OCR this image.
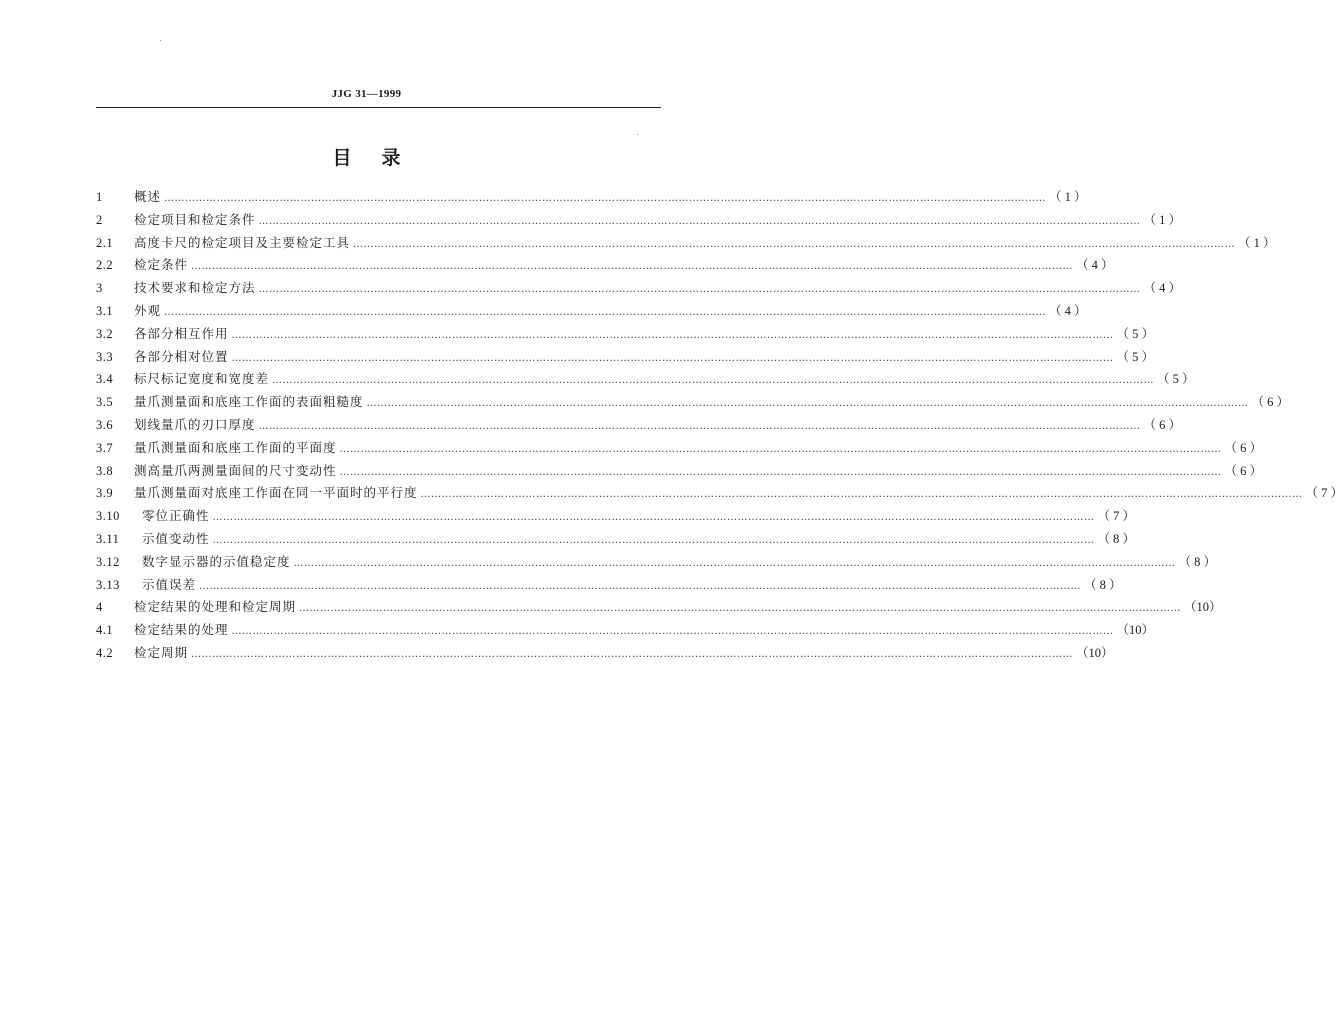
JJG 31—1999
目录
1	概述 ………………………………………………………………………………………………………………………………………………………………………………………………………………………………	（ 1 ）
2	检定项目和检定条件 ………………………………………………………………………………………………………………………………………………………………………………………………………………………………	（ 1 ）
2.1	高度卡尺的检定项目及主要检定工具 ………………………………………………………………………………………………………………………………………………………………………………………………………………………………	（ 1 ）
2.2	检定条件 ………………………………………………………………………………………………………………………………………………………………………………………………………………………………	（ 4 ）
3	技术要求和检定方法 ………………………………………………………………………………………………………………………………………………………………………………………………………………………………	（ 4 ）
3.1	外观 ………………………………………………………………………………………………………………………………………………………………………………………………………………………………	（ 4 ）
3.2	各部分相互作用 ………………………………………………………………………………………………………………………………………………………………………………………………………………………………	（ 5 ）
3.3	各部分相对位置 ………………………………………………………………………………………………………………………………………………………………………………………………………………………………	（ 5 ）
3.4	标尺标记宽度和宽度差 ………………………………………………………………………………………………………………………………………………………………………………………………………………………………	（ 5 ）
3.5	量爪测量面和底座工作面的表面粗糙度 ………………………………………………………………………………………………………………………………………………………………………………………………………………………………	（ 6 ）
3.6	划线量爪的刃口厚度 ………………………………………………………………………………………………………………………………………………………………………………………………………………………………	（ 6 ）
3.7	量爪测量面和底座工作面的平面度 ………………………………………………………………………………………………………………………………………………………………………………………………………………………………	（ 6 ）
3.8	测高量爪两测量面间的尺寸变动性 ………………………………………………………………………………………………………………………………………………………………………………………………………………………………	（ 6 ）
3.9	量爪测量面对底座工作面在同一平面时的平行度 ………………………………………………………………………………………………………………………………………………………………………………………………………………………………	（ 7 ）
3.10	零位正确性 ………………………………………………………………………………………………………………………………………………………………………………………………………………………………	（ 7 ）
3.11	示值变动性 ………………………………………………………………………………………………………………………………………………………………………………………………………………………………	（ 8 ）
3.12	数字显示器的示值稳定度 ………………………………………………………………………………………………………………………………………………………………………………………………………………………………	（ 8 ）
3.13	示值误差 ………………………………………………………………………………………………………………………………………………………………………………………………………………………………	（ 8 ）
4	检定结果的处理和检定周期 ………………………………………………………………………………………………………………………………………………………………………………………………………………………………	（10）
4.1	检定结果的处理 ………………………………………………………………………………………………………………………………………………………………………………………………………………………………	（10）
4.2	检定周期 ………………………………………………………………………………………………………………………………………………………………………………………………………………………………	（10）
